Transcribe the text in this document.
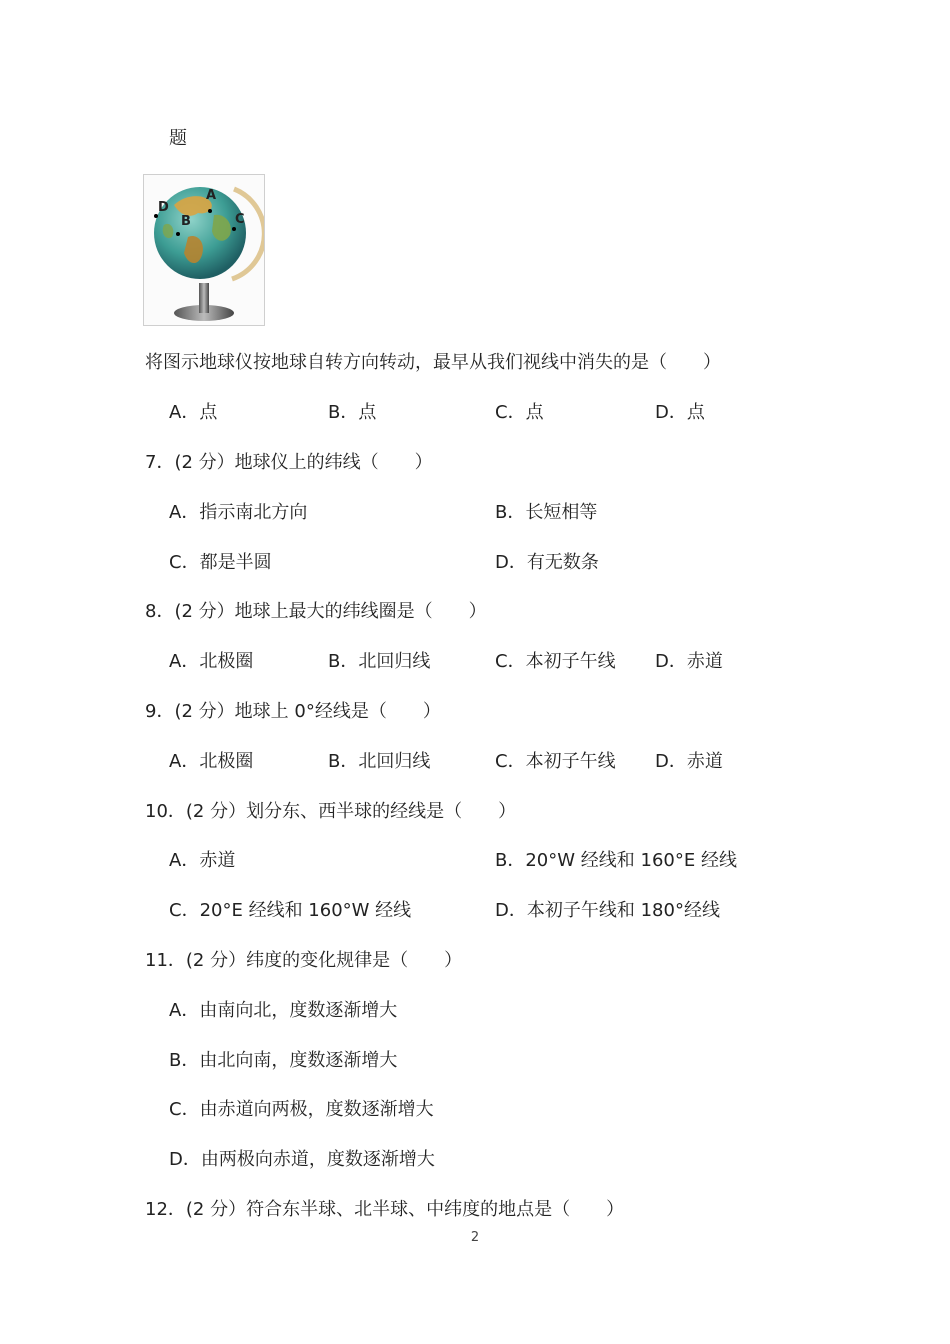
题
A
B	C
D
将图示地球仪按地球自转方向转动，最早从我们视线中消失的是（　　）
A．点	B．点	C．点	D．点
7．(2 分）地球仪上的纬线（　　）
A．指示南北方向	B．长短相等
C．都是半圆	D．有无数条
8．(2 分）地球上最大的纬线圈是（　　）
A．北极圈	B．北回归线	C．本初子午线 D．赤道
9．(2 分）地球上 0°经线是（　　）
A．北极圈	B．北回归线	C．本初子午线 D．赤道
10．(2 分）划分东、西半球的经线是（　　）
A．赤道	B．20°W 经线和 160°E 经线
C．20°E 经线和 160°W 经线	D．本初子午线和 180°经线
11．(2 分）纬度的变化规律是（　　）
A．由南向北，度数逐渐增大
B．由北向南，度数逐渐增大
C．由赤道向两极，度数逐渐增大
D．由两极向赤道，度数逐渐增大
12．(2 分）符合东半球、北半球、中纬度的地点是（　　）
2
